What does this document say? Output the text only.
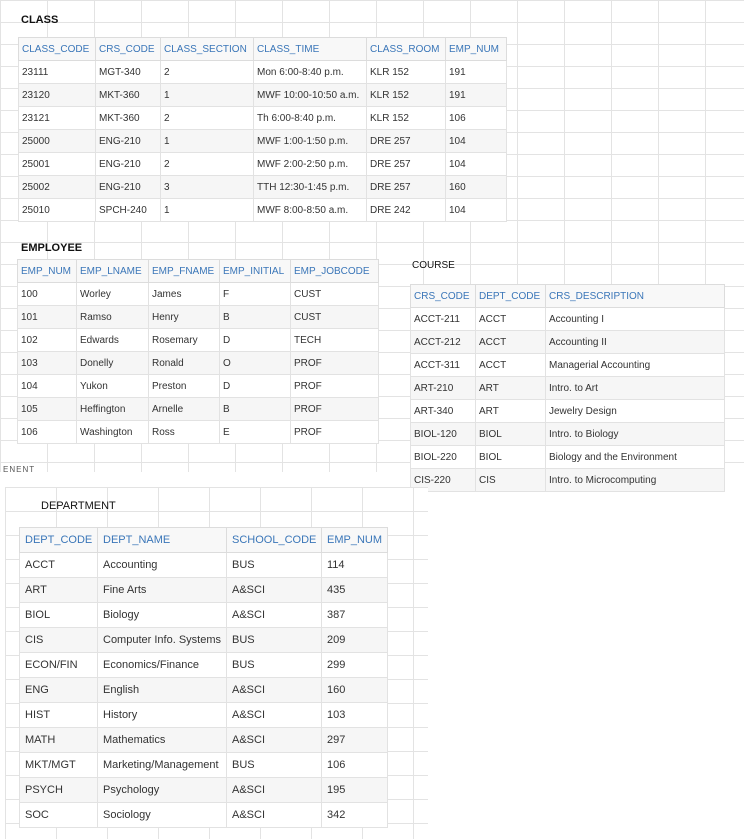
CLASS
CLASS_CODE	CRS_CODE	CLASS_SECTION	CLASS_TIME	CLASS_ROOM	EMP_NUM
23111	MGT-340	2	Mon 6:00-8:40 p.m.	KLR 152	191
23120	MKT-360	1	MWF 10:00-10:50 a.m.	KLR 152	191
23121	MKT-360	2	Th 6:00-8:40 p.m.	KLR 152	106
25000	ENG-210	1	MWF 1:00-1:50 p.m.	DRE 257	104
25001	ENG-210	2	MWF 2:00-2:50 p.m.	DRE 257	104
25002	ENG-210	3	TTH 12:30-1:45 p.m.	DRE 257	160
25010	SPCH-240	1	MWF 8:00-8:50 a.m.	DRE 242	104
EMPLOYEE
EMP_NUM	EMP_LNAME	EMP_FNAME	EMP_INITIAL	EMP_JOBCODE
100	Worley	James	F	CUST
101	Ramso	Henry	B	CUST
102	Edwards	Rosemary	D	TECH
103	Donelly	Ronald	O	PROF
104	Yukon	Preston	D	PROF
105	Heffington	Arnelle	B	PROF
106	Washington	Ross	E	PROF
COURSE
CRS_CODE	DEPT_CODE	CRS_DESCRIPTION
ACCT-211	ACCT	Accounting I
ACCT-212	ACCT	Accounting II
ACCT-311	ACCT	Managerial Accounting
ART-210	ART	Intro. to Art
ART-340	ART	Jewelry Design
BIOL-120	BIOL	Intro. to Biology
BIOL-220	BIOL	Biology and the Environment
CIS-220	CIS	Intro. to Microcomputing
ENENT
DEPARTMENT
DEPT_CODE	DEPT_NAME	SCHOOL_CODE	EMP_NUM
ACCT	Accounting	BUS	114
ART	Fine Arts	A&SCI	435
BIOL	Biology	A&SCI	387
CIS	Computer Info. Systems	BUS	209
ECON/FIN	Economics/Finance	BUS	299
ENG	English	A&SCI	160
HIST	History	A&SCI	103
MATH	Mathematics	A&SCI	297
MKT/MGT	Marketing/Management	BUS	106
PSYCH	Psychology	A&SCI	195
SOC	Sociology	A&SCI	342
